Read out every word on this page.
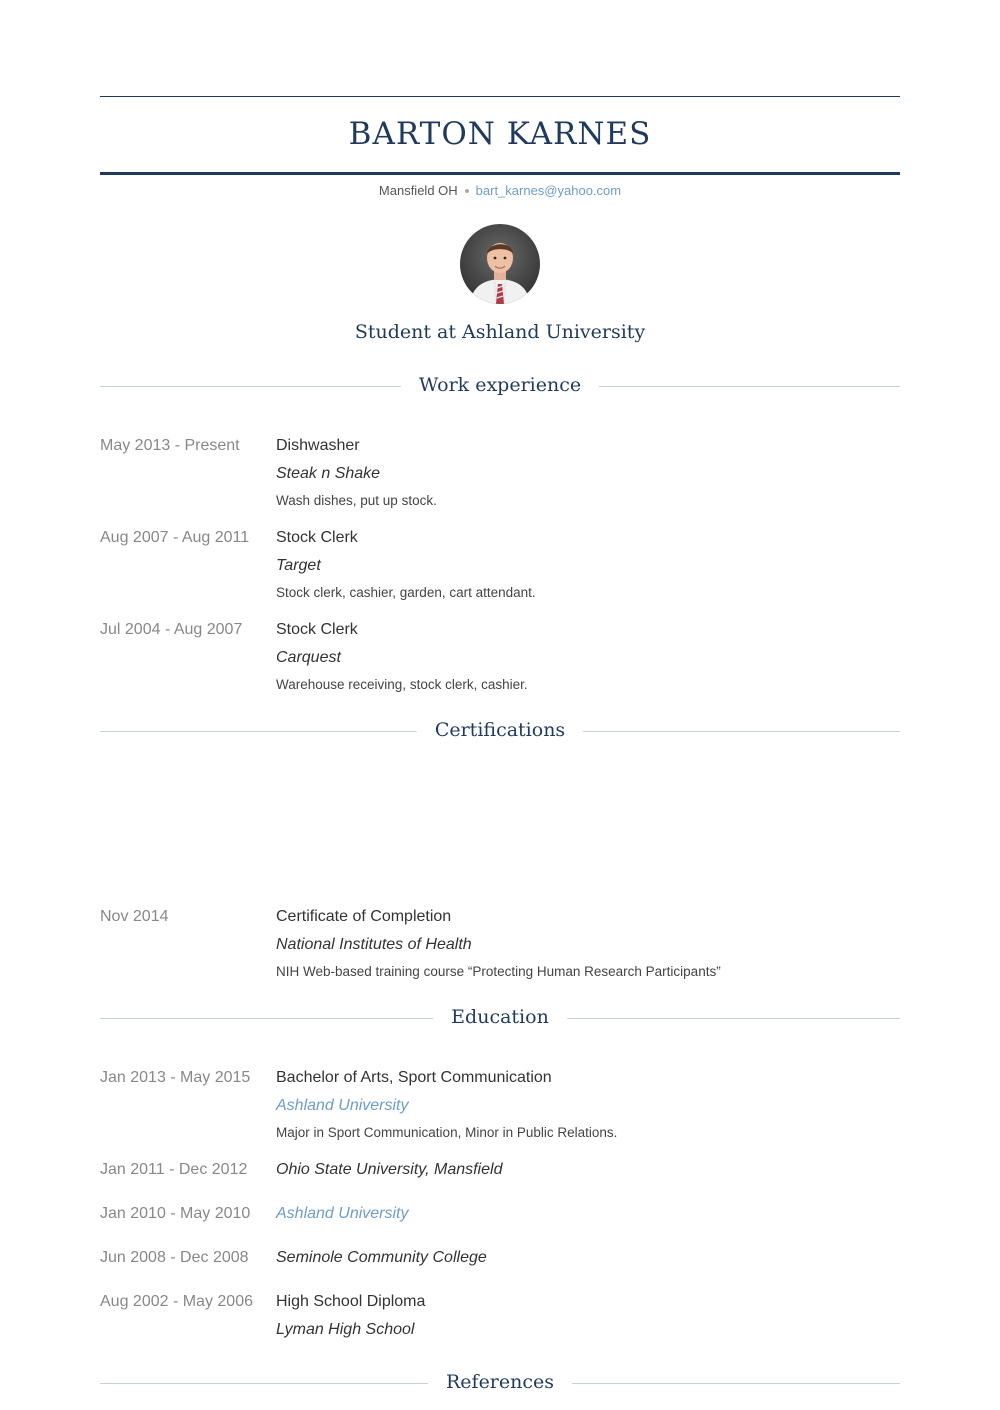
BARTON KARNES
Mansfield OH bart_karnes@yahoo.com
Student at Ashland University
Work experience
May 2013 - Present	Dishwasher
Steak n Shake
Wash dishes, put up stock.
Aug 2007 - Aug 2011	Stock Clerk
Target
Stock clerk, cashier, garden, cart attendant.
Jul 2004 - Aug 2007	Stock Clerk
Carquest
Warehouse receiving, stock clerk, cashier.
Certifications
Nov 2014	Certificate of Completion
National Institutes of Health
NIH Web-based training course “Protecting Human Research Participants”
Education
Jan 2013 - May 2015	Bachelor of Arts, Sport Communication
Ashland University
Major in Sport Communication, Minor in Public Relations.
Jan 2011 - Dec 2012	Ohio State University, Mansfield
Jan 2010 - May 2010	Ashland University
Jun 2008 - Dec 2008	Seminole Community College
Aug 2002 - May 2006	High School Diploma
Lyman High School
References
